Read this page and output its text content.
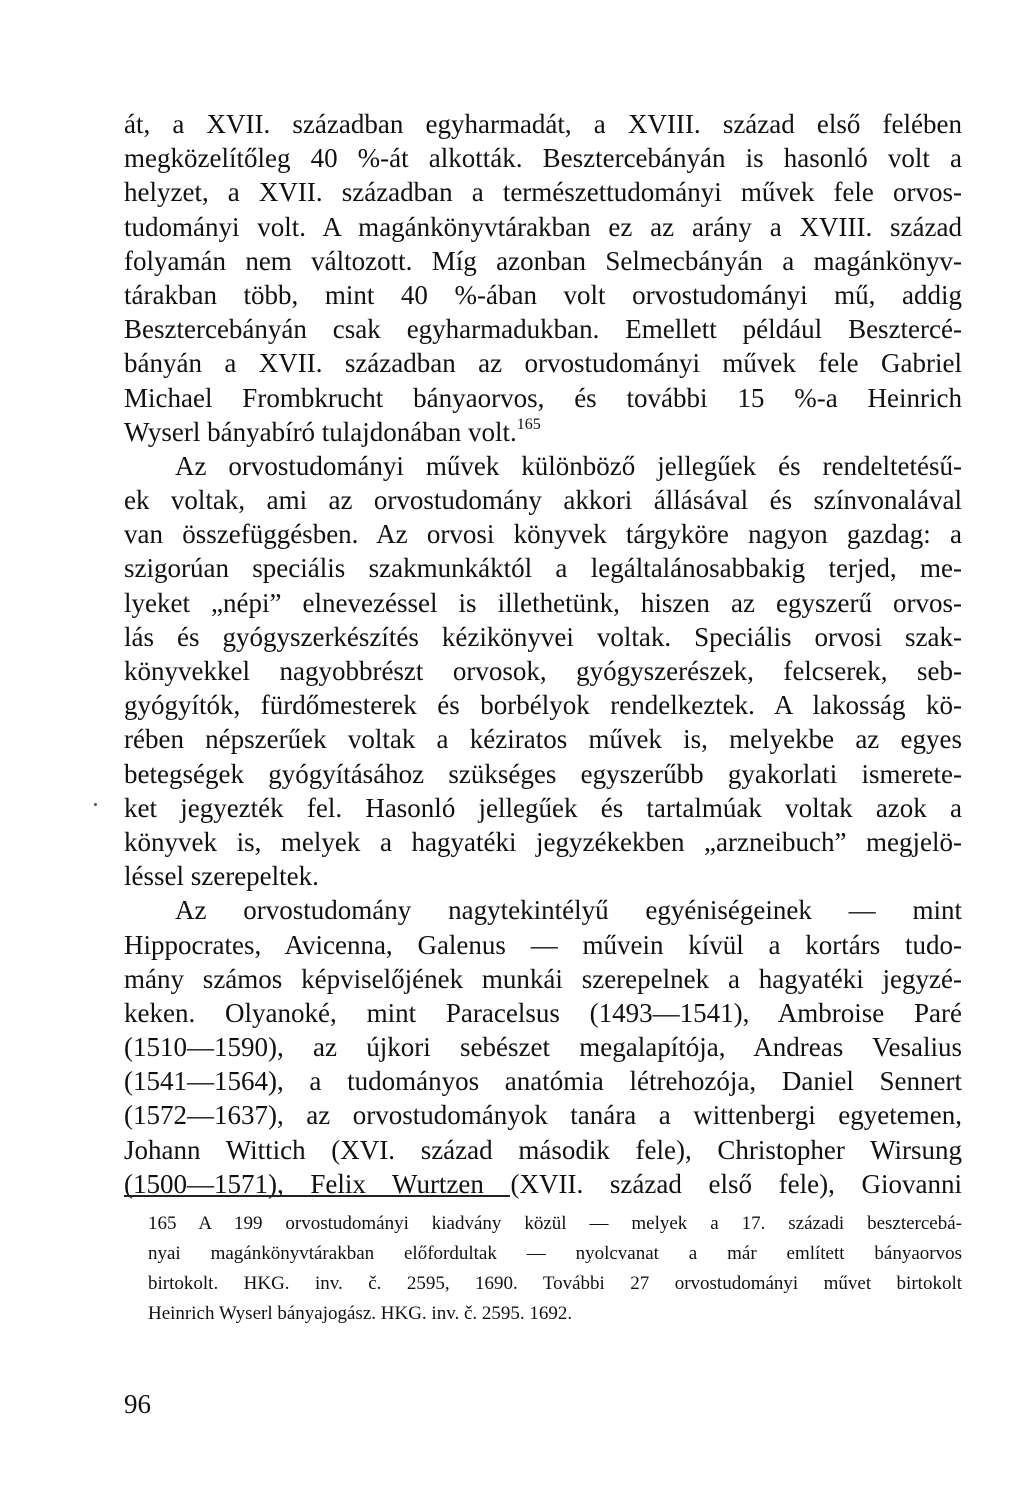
át, a XVII. században egyharmadát, a XVIII. század első felében
megközelítőleg 40 %-át alkották. Besztercebányán is hasonló volt a
helyzet, a XVII. században a természettudományi művek fele orvos-
tudományi volt. A magánkönyvtárakban ez az arány a XVIII. század
folyamán nem változott. Míg azonban Selmecbányán a magánkönyv-
tárakban több, mint 40 %-ában volt orvostudományi mű, addig
Besztercebányán csak egyharmadukban. Emellett például Besztercé-
bányán a XVII. században az orvostudományi művek fele Gabriel
Michael Frombkrucht bányaorvos, és további 15 %-a Heinrich
Wyserl bányabíró tulajdonában volt.$^{165}$
Az orvostudományi művek különböző jellegűek és rendeltetésű-
ek voltak, ami az orvostudomány akkori állásával és színvonalával
van összefüggésben. Az orvosi könyvek tárgyköre nagyon gazdag: a
szigorúan speciális szakmunkáktól a legáltalánosabbakig terjed, me-
lyeket „népi” elnevezéssel is illethetünk, hiszen az egyszerű orvos-
lás és gyógyszerkészítés kézikönyvei voltak. Speciális orvosi szak-
könyvekkel nagyobbrészt orvosok, gyógyszerészek, felcserek, seb-
gyógyítók, fürdőmesterek és borbélyok rendelkeztek. A lakosság kö-
rében népszerűek voltak a kéziratos művek is, melyekbe az egyes
betegségek gyógyításához szükséges egyszerűbb gyakorlati ismerete-
ket jegyezték fel. Hasonló jellegűek és tartalmúak voltak azok a
könyvek is, melyek a hagyatéki jegyzékekben „arzneibuch” megjelö-
léssel szerepeltek.
Az orvostudomány nagytekintélyű egyéniségeinek — mint
Hippocrates, Avicenna, Galenus — művein kívül a kortárs tudo-
mány számos képviselőjének munkái szerepelnek a hagyatéki jegyzé-
keken. Olyanoké, mint Paracelsus (1493—1541), Ambroise Paré
(1510—1590), az újkori sebészet megalapítója, Andreas Vesalius
(1541—1564), a tudományos anatómia létrehozója, Daniel Sennert
(1572—1637), az orvostudományok tanára a wittenbergi egyetemen,
Johann Wittich (XVI. század második fele), Christopher Wirsung
(1500—1571), Felix Wurtzen (XVII. század első fele), Giovanni
165 A 199 orvostudományi kiadvány közül — melyek a 17. századi besztercebá-
nyai magánkönyvtárakban előfordultak — nyolcvanat a már említett bányaorvos
birtokolt. HKG. inv. č. 2595, 1690. További 27 orvostudományi művet birtokolt
Heinrich Wyserl bányajogász. HKG. inv. č. 2595. 1692.
96
